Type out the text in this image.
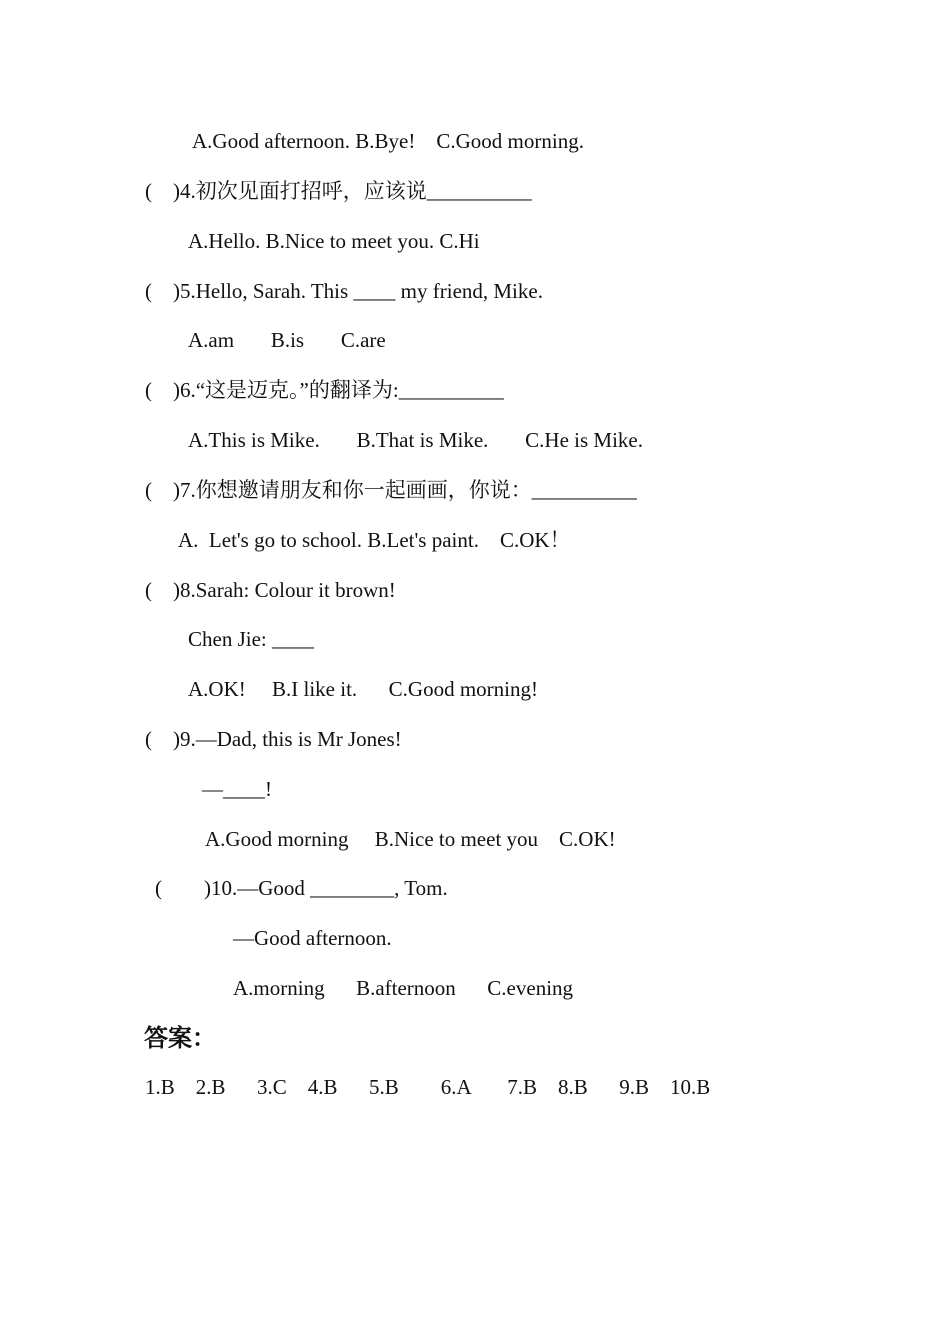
A.Good afternoon. B.Bye!    C.Good morning.
(    )4.初次见面打招呼，应该说__________
A.Hello. B.Nice to meet you. C.Hi
(    )5.Hello, Sarah. This ____ my friend, Mike.
A.am       B.is       C.are
(    )6.“这是迈克。”的翻译为:__________
A.This is Mike.       B.That is Mike.       C.He is Mike.
(    )7.你想邀请朋友和你一起画画，你说：__________
A.  Let's go to school. B.Let's paint.    C.OK！
(    )8.Sarah: Colour it brown!
Chen Jie: ____
A.OK!     B.I like it.      C.Good morning!
(    )9.—Dad, this is Mr Jones!
—____!
A.Good morning     B.Nice to meet you    C.OK!
(        )10.—Good ________, Tom.
—Good afternoon.
A.morning      B.afternoon      C.evening
答案：
1.B    2.B      3.C    4.B      5.B        6.A       7.B    8.B      9.B    10.B
